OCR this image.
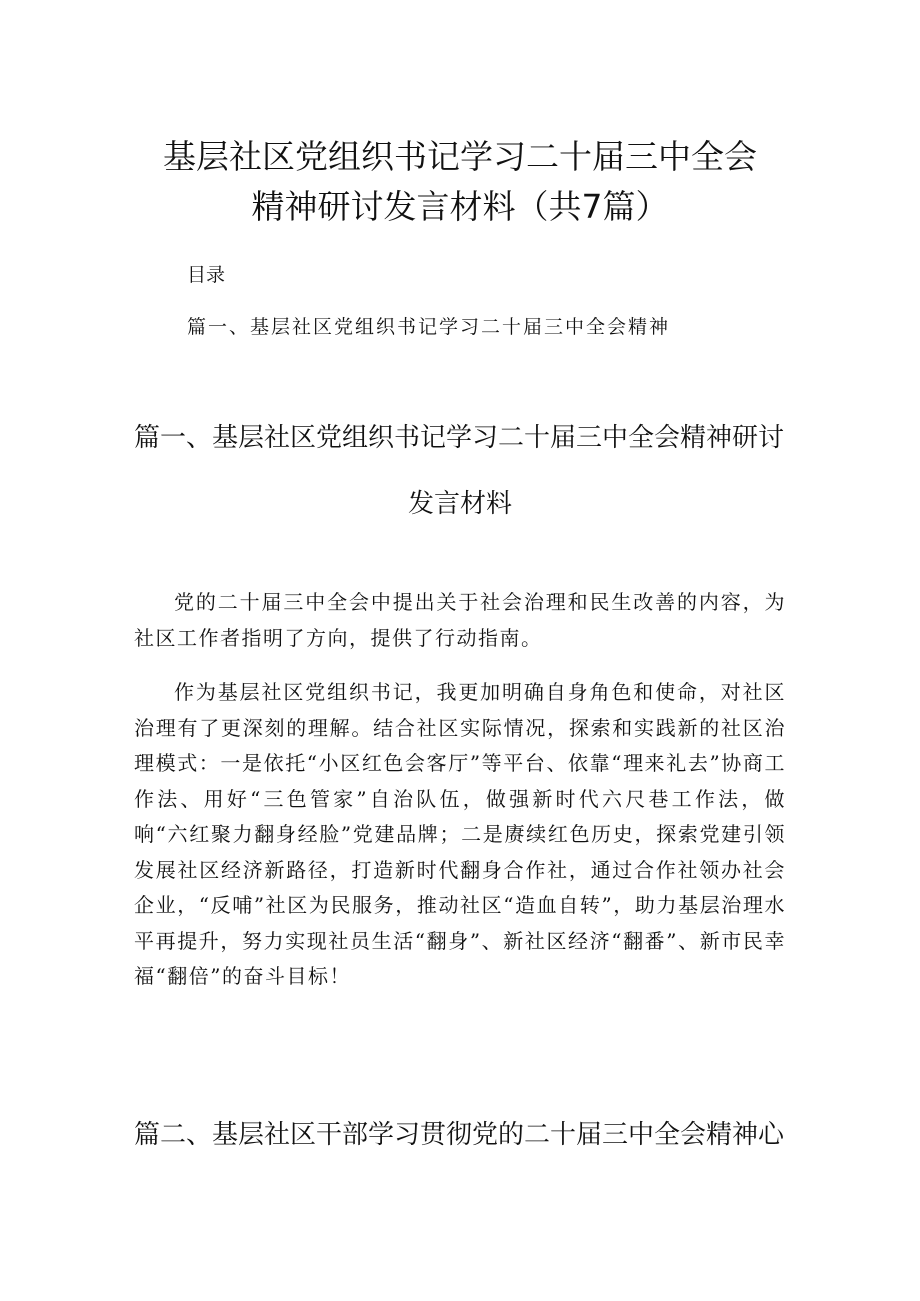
基层社区党组织书记学习二十届三中全会
精神研讨发言材料（共7篇）

目录

篇一、基层社区党组织书记学习二十届三中全会精神

篇一、基层社区党组织书记学习二十届三中全会精神研讨
发言材料

党的二十届三中全会中提出关于社会治理和民生改善的内容，为社区工作者指明了方向，提供了行动指南。

作为基层社区党组织书记，我更加明确自身角色和使命，对社区治理有了更深刻的理解。结合社区实际情况，探索和实践新的社区治理模式：一是依托“小区红色会客厅”等平台、依靠“理来礼去”协商工作法、用好“三色管家”自治队伍，做强新时代六尺巷工作法，做响“六红聚力翻身经脸”党建品牌；二是赓续红色历史，探索党建引领发展社区经济新路径，打造新时代翻身合作社，通过合作社领办社会企业，“反哺”社区为民服务，推动社区“造血自转”，助力基层治理水平再提升，努力实现社员生活“翻身”、新社区经济“翻番”、新市民幸福“翻倍”的奋斗目标！

篇二、基层社区干部学习贯彻党的二十届三中全会精神心
